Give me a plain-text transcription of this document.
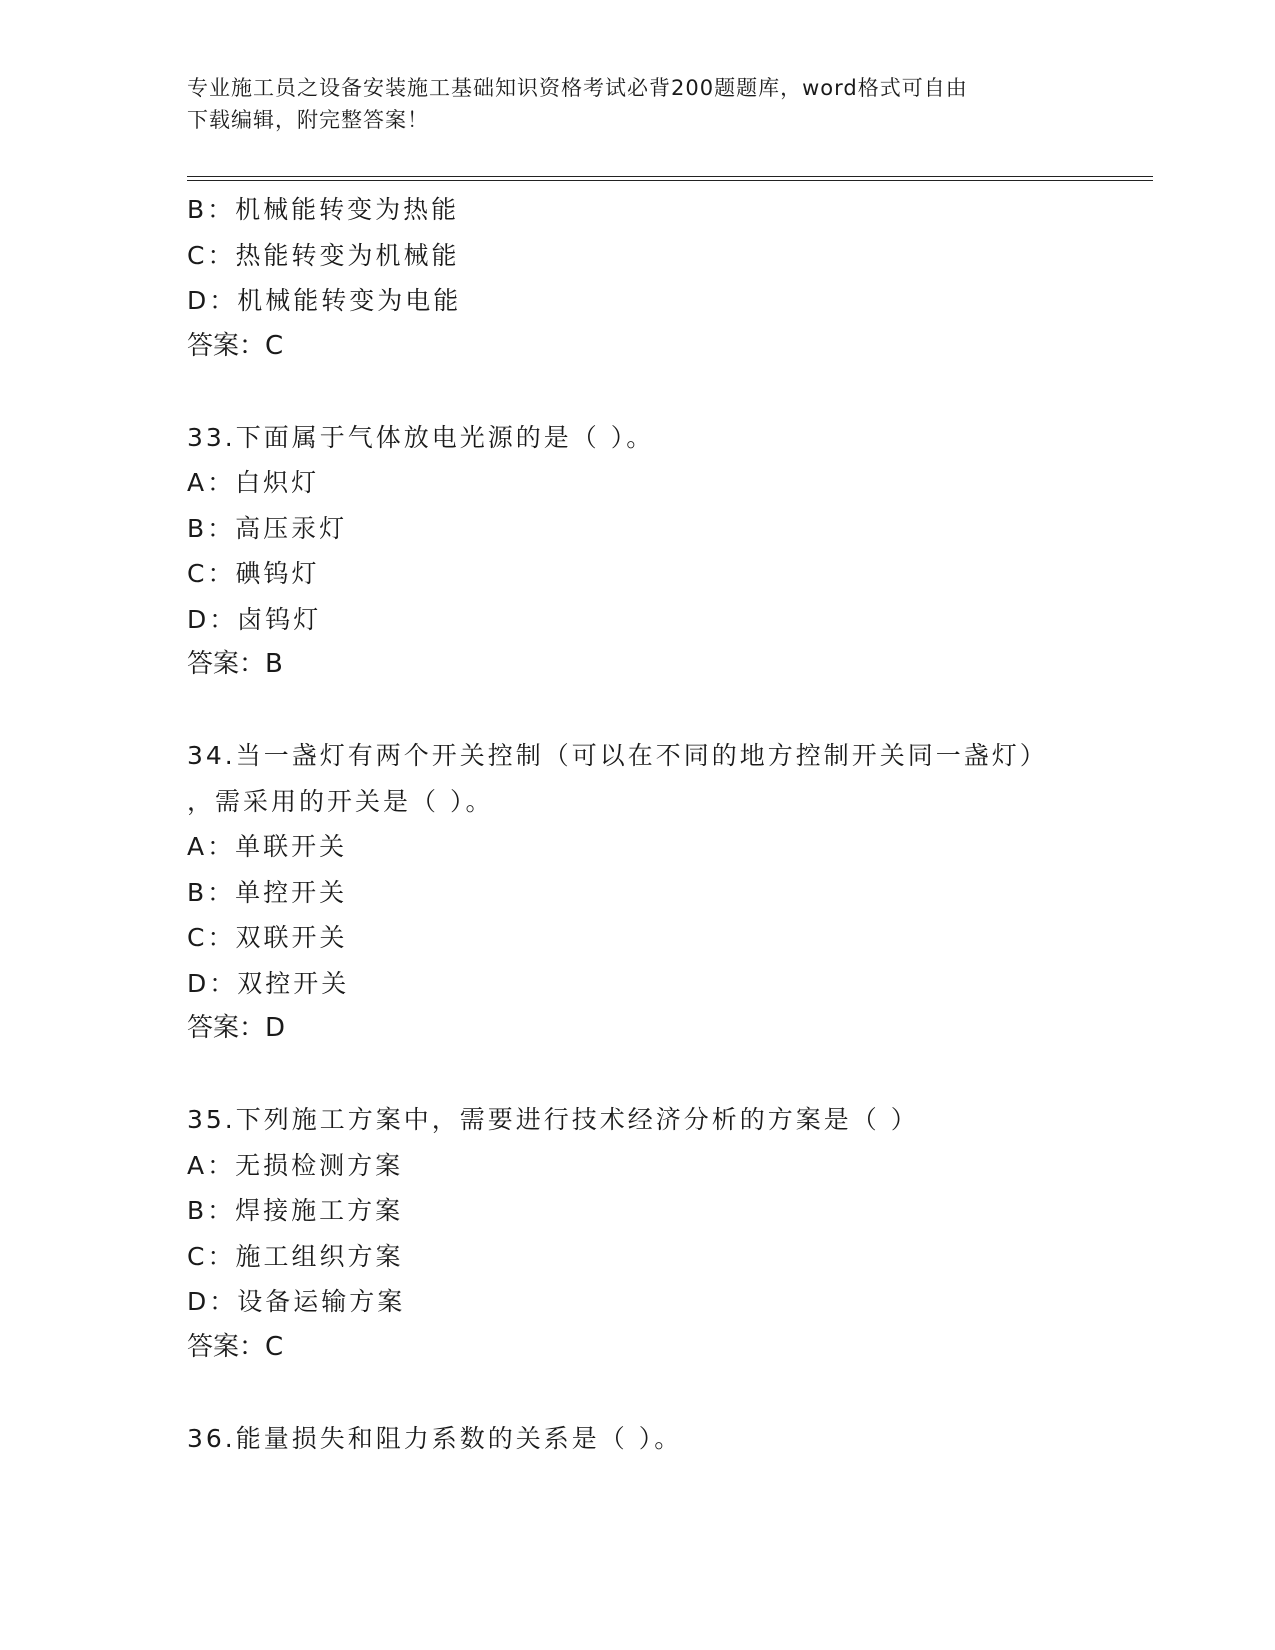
专业施工员之设备安装施工基础知识资格考试必背200题题库，word格式可自由
下载编辑，附完整答案！
B：机械能转变为热能
C：热能转变为机械能
D：机械能转变为电能
答案：C
33.下面属于气体放电光源的是（ ）。
A：白炽灯
B：高压汞灯
C：碘钨灯
D：卤钨灯
答案：B
34.当一盏灯有两个开关控制（可以在不同的地方控制开关同一盏灯）
，需采用的开关是（ ）。
A：单联开关
B：单控开关
C：双联开关
D：双控开关
答案：D
35.下列施工方案中，需要进行技术经济分析的方案是（ ）
A：无损检测方案
B：焊接施工方案
C：施工组织方案
D：设备运输方案
答案：C
36.能量损失和阻力系数的关系是（ ）。
